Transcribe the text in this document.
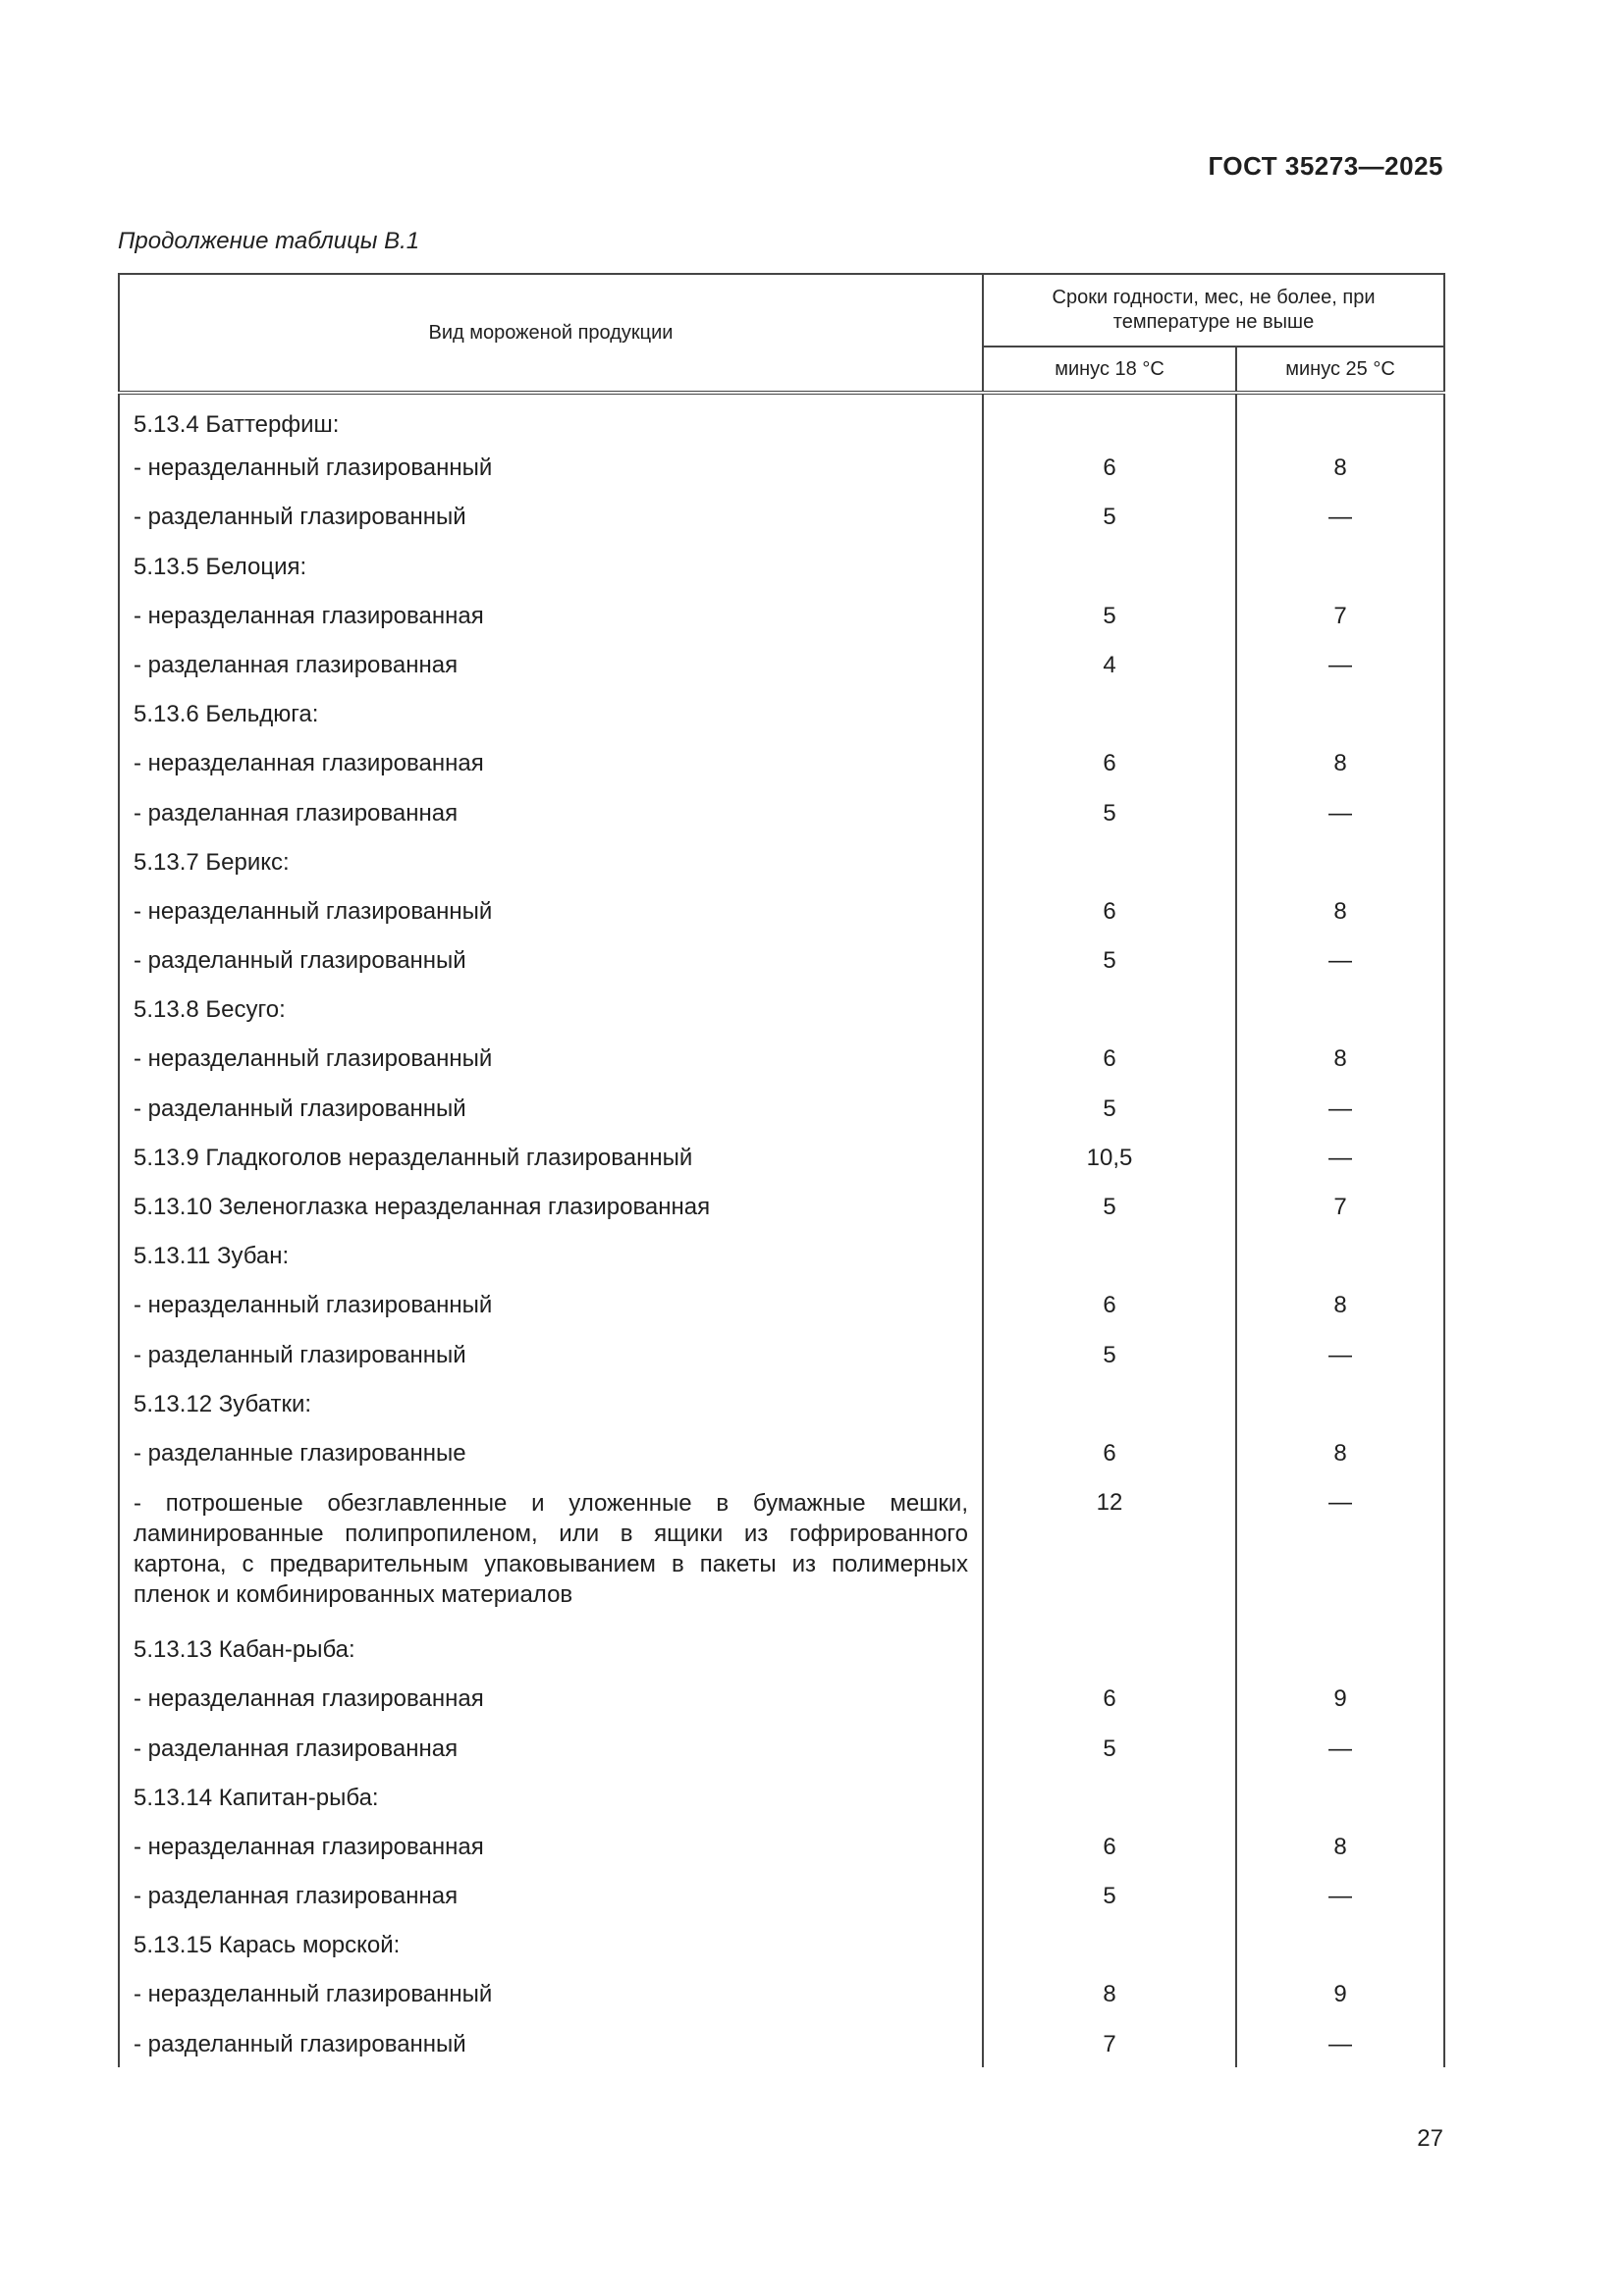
ГОСТ 35273—2025
Продолжение таблицы В.1
Вид мороженой продукции	Сроки годности, мес, не более, при температуре не выше	
	минус 18 °С	минус 25 °С
5.13.4 Баттерфиш:		
- неразделанный глазированный	6	8
- разделанный глазированный	5	—
5.13.5 Белоция:		
- неразделанная глазированная	5	7
- разделанная глазированная	4	—
5.13.6 Бельдюга:		
- неразделанная глазированная	6	8
- разделанная глазированная	5	—
5.13.7 Берикс:		
- неразделанный глазированный	6	8
- разделанный глазированный	5	—
5.13.8 Бесуго:		
- неразделанный глазированный	6	8
- разделанный глазированный	5	—
5.13.9 Гладкоголов неразделанный глазированный	10,5	—
5.13.10 Зеленоглазка неразделанная глазированная	5	7
5.13.11 Зубан:		
- неразделанный глазированный	6	8
- разделанный глазированный	5	—
5.13.12 Зубатки:		
- разделанные глазированные	6	8
- потрошеные обезглавленные и уложенные в бумажные мешки, ламинированные полипропиленом, или в ящики из гофрированного картона, с предварительным упаковыванием в пакеты из полимерных пленок и комбинированных материалов	12	—
5.13.13 Кабан-рыба:		
- неразделанная глазированная	6	9
- разделанная глазированная	5	—
5.13.14 Капитан-рыба:		
- неразделанная глазированная	6	8
- разделанная глазированная	5	—
5.13.15 Карась морской:		
- неразделанный глазированный	8	9
- разделанный глазированный	7	—
27
